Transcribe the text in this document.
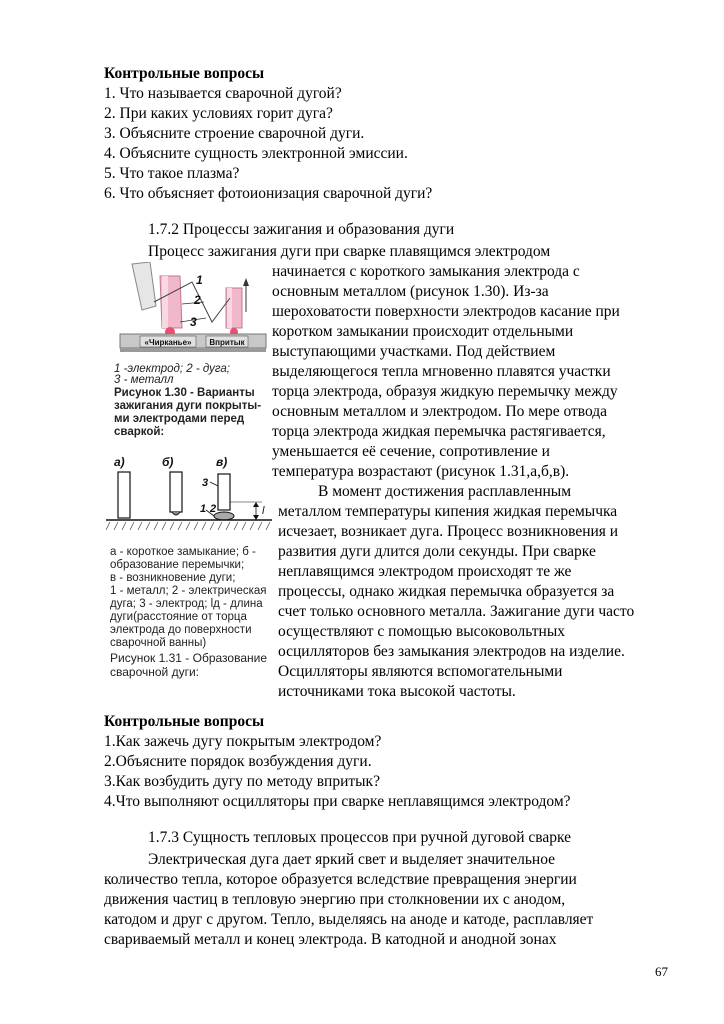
Контрольные вопросы
1. Что называется сварочной дугой?
2. При каких условиях горит дуга?
3. Объясните строение сварочной дуги.
4. Объясните сущность электронной эмиссии.
5. Что такое плазма?
6. Что объясняет фотоионизация сварочной дуги?
1.7.2 Процессы зажигания и образования дуги
Процесс зажигания дуги при сварке плавящимся электродом
начинается с короткого замыкания электрода с
основным металлом (рисунок 1.30). Из-за
шероховатости поверхности электродов касание при
коротком замыкании происходит отдельными
выступающими участками. Под действием
выделяющегося тепла мгновенно плавятся участки
торца электрода, образуя жидкую перемычку между
основным металлом и электродом. По мере отвода
торца электрода жидкая перемычка растягивается,
уменьшается её сечение, сопротивление и
температура возрастают (рисунок 1.31,а,б,в).
В момент достижения расплавленным
металлом температуры кипения жидкая перемычка
исчезает, возникает дуга. Процесс возникновения и
развития дуги длится доли секунды. При сварке
неплавящимся электродом происходят те же
процессы, однако жидкая перемычка образуется за
счет только основного металла. Зажигание дуги часто
осуществляют с помощью высоковольтных
осцилляторов без замыкания электродов на изделие.
Осцилляторы являются вспомогательными
источниками тока высокой частоты.
«Чирканье» Впритык
1
2
3
1 -электрод; 2 - дуга;
3 - металл
Рисунок 1.30 - Варианты
зажигания дуги покрыты-
ми электродами перед
сваркой:
а)	б)	в)
3
1 2	l
а - короткое замыкание; б -
образование перемычки;
в - возникновение дуги;
1 - металл; 2 - электрическая
дуга; 3 - электрод; lд - длина
дуги(расстояние от торца
электрода до поверхности
сварочной ванны)
Рисунок 1.31 - Образование
сварочной дуги:
Контрольные вопросы
1.Как зажечь дугу покрытым электродом?
2.Объясните порядок возбуждения дуги.
3.Как возбудить дугу по методу впритык?
4.Что выполняют осцилляторы при сварке неплавящимся электродом?
1.7.3 Сущность тепловых процессов при ручной дуговой сварке
Электрическая дуга дает яркий свет и выделяет значительное
количество тепла, которое образуется вследствие превращения энергии
движения частиц в тепловую энергию при столкновении их с анодом,
катодом и друг с другом. Тепло, выделяясь на аноде и катоде, расплавляет
свариваемый металл и конец электрода. В катодной и анодной зонах
67
